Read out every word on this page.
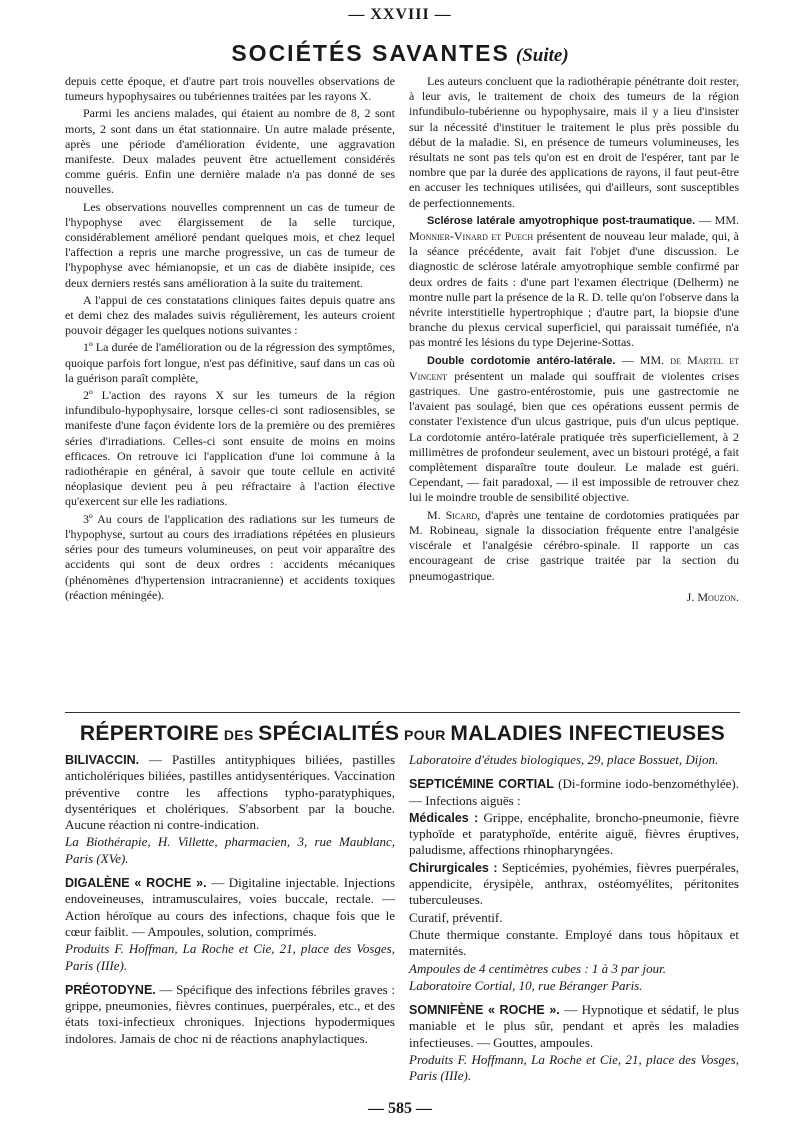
— XXVIII —
SOCIÉTÉS SAVANTES (Suite)

depuis cette époque, et d'autre part trois nouvelles observations de tumeurs hypophysaires ou tubériennes traitées par les rayons X.

Parmi les anciens malades, qui étaient au nombre de 8, 2 sont morts, 2 sont dans un état stationnaire. Un autre malade présente, après une période d'amélioration évidente, une aggravation manifeste. Deux malades peuvent être actuellement considérés comme guéris. Enfin une dernière malade n'a pas donné de ses nouvelles.

Les observations nouvelles comprennent un cas de tumeur de l'hypophyse avec élargissement de la selle turcique, considérablement amélioré pendant quelques mois, et chez lequel l'affection a repris une marche progressive, un cas de tumeur de l'hypophyse avec hémianopsie, et un cas de diabète insipide, ces deux derniers restés sans amélioration à la suite du traitement.

A l'appui de ces constatations cliniques faites depuis quatre ans et demi chez des malades suivis régulièrement, les auteurs croient pouvoir dégager les quelques notions suivantes :

1º La durée de l'amélioration ou de la régression des symptômes, quoique parfois fort longue, n'est pas définitive, sauf dans un cas où la guérison paraît complète,

2º L'action des rayons X sur les tumeurs de la région infundibulo-hypophysaire, lorsque celles-ci sont radiosensibles, se manifeste d'une façon évidente lors de la première ou des premières séries d'irradiations. Celles-ci sont ensuite de moins en moins efficaces. On retrouve ici l'application d'une loi commune à la radiothérapie en général, à savoir que toute cellule en activité néoplasique devient peu à peu réfractaire à l'action élective qu'exercent sur elle les radiations.

3º Au cours de l'application des radiations sur les tumeurs de l'hypophyse, surtout au cours des irradiations répétées en plusieurs séries pour des tumeurs volumineuses, on peut voir apparaître des accidents qui sont de deux ordres : accidents mécaniques (phénomènes d'hypertension intracranienne) et accidents toxiques (réaction méningée).

Les auteurs concluent que la radiothérapie pénétrante doit rester, à leur avis, le traitement de choix des tumeurs de la région infundibulo-tubérienne ou hypophysaire, mais il y a lieu d'insister sur la nécessité d'instituer le traitement le plus près possible du début de la maladie. Si, en présence de tumeurs volumineuses, les résultats ne sont pas tels qu'on est en droit de l'espérer, tant par le nombre que par la durée des applications de rayons, il faut peut-être en accuser les techniques utilisées, qui d'ailleurs, sont susceptibles de perfectionnements.

Sclérose latérale amyotrophique post-traumatique. — MM. Monnier-Vinard et Puech présentent de nouveau leur malade, qui, à la séance précédente, avait fait l'objet d'une discussion. Le diagnostic de sclérose latérale amyotrophique semble confirmé par deux ordres de faits : d'une part l'examen électrique (Delherm) ne montre nulle part la présence de la R. D. telle qu'on l'observe dans la névrite interstitielle hypertrophique ; d'autre part, la biopsie d'une branche du plexus cervical superficiel, qui paraissait tuméfiée, n'a pas montré les lésions du type Dejerine-Sottas.

Double cordotomie antéro-latérale. — MM. de Martel et Vincent présentent un malade qui souffrait de violentes crises gastriques. Une gastro-entérostomie, puis une gastrectomie ne l'avaient pas soulagé, bien que ces opérations eussent permis de constater l'existence d'un ulcus gastrique, puis d'un ulcus peptique. La cordotomie antéro-latérale pratiquée très superficiellement, à 2 millimètres de profondeur seulement, avec un bistouri protégé, a fait complètement disparaître toute douleur. Le malade est guéri. Cependant, — fait paradoxal, — il est impossible de retrouver chez lui le moindre trouble de sensibilité objective.

M. Sicard, d'après une tentaine de cordotomies pratiquées par M. Robineau, signale la dissociation fréquente entre l'analgésie viscérale et l'analgésie cérébro-spinale. Il rapporte un cas encourageant de crise gastrique traitée par la section du pneumogastrique.

J. Mouzon.
RÉPERTOIRE DES SPÉCIALITÉS POUR MALADIES INFECTIEUSES

BILIVACCIN. — Pastilles antityphiques biliées, pastilles anticholériques biliées, pastilles antidysentériques. Vaccination préventive contre les affections typho-paratyphiques, dysentériques et cholériques. S'absorbent par la bouche. Aucune réaction ni contre-indication.

La Biothérapie, H. Villette, pharmacien, 3, rue Maublanc, Paris (XVe).

DIGALÈNE « ROCHE ». — Digitaline injectable. Injections endoveineuses, intramusculaires, voies buccale, rectale. — Action héroïque au cours des infections, chaque fois que le cœur faiblit. — Ampoules, solution, comprimés.

Produits F. Hoffman, La Roche et Cie, 21, place des Vosges, Paris (IIIe).

PRÉOTODYNE. — Spécifique des infections fébriles graves : grippe, pneumonies, fièvres continues, puerpérales, etc., et des états toxi-infectieux chroniques. Injections hypodermiques indolores. Jamais de choc ni de réactions anaphylactiques.

Laboratoire d'études biologiques, 29, place Bossuet, Dijon.

SEPTICÉMINE CORTIAL (Di-formine iodo-benzométhylée). — Infections aiguës :

Médicales : Grippe, encéphalite, broncho-pneumonie, fièvre typhoïde et paratyphoïde, entérite aiguë, fièvres éruptives, paludisme, affections rhinopharyngées.

Chirurgicales : Septicémies, pyohémies, fièvres puerpérales, appendicite, érysipèle, anthrax, ostéomyélites, péritonites tuberculeuses.

Curatif, préventif.

Chute thermique constante. Employé dans tous hôpitaux et maternités.

Ampoules de 4 centimètres cubes : 1 à 3 par jour.

Laboratoire Cortial, 10, rue Béranger Paris.

SOMNIFÈNE « ROCHE ». — Hypnotique et sédatif, le plus maniable et le plus sûr, pendant et après les maladies infectieuses. — Gouttes, ampoules.

Produits F. Hoffmann, La Roche et Cie, 21, place des Vosges, Paris (IIIe).

— 585 —
